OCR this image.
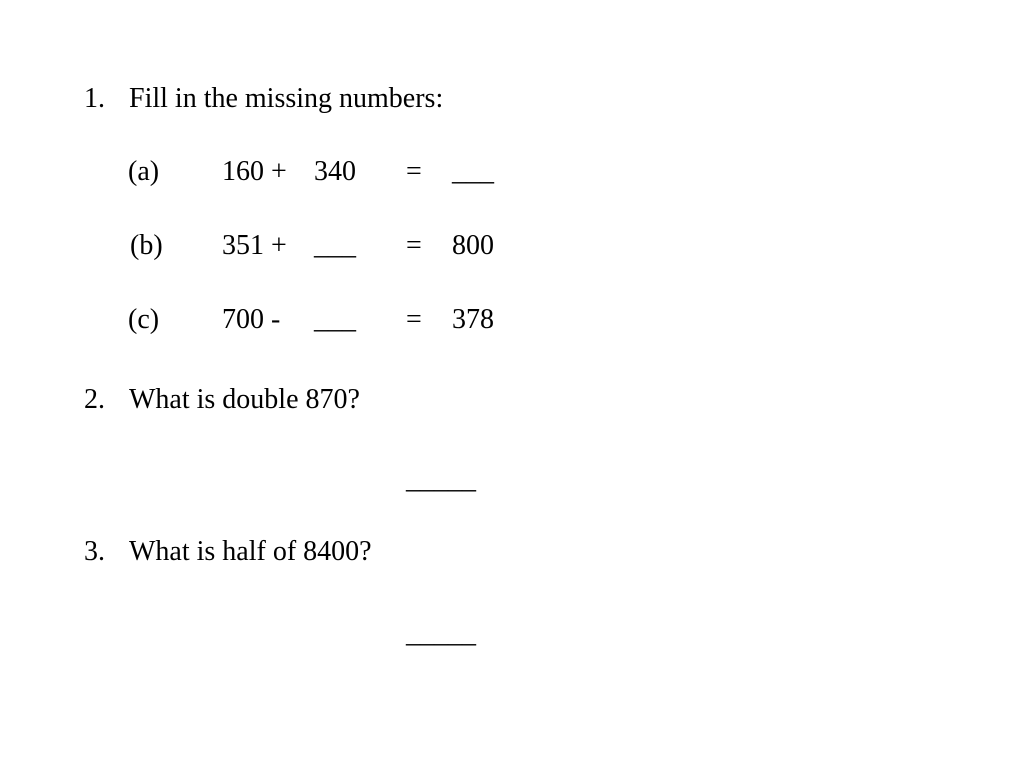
1. Fill in the missing numbers:
(a) 160 + 340 = ___
(b) 351 + ___ = 800
(c) 700 - ___ = 378
2. What is double 870?
_____
3. What is half of 8400?
_____
